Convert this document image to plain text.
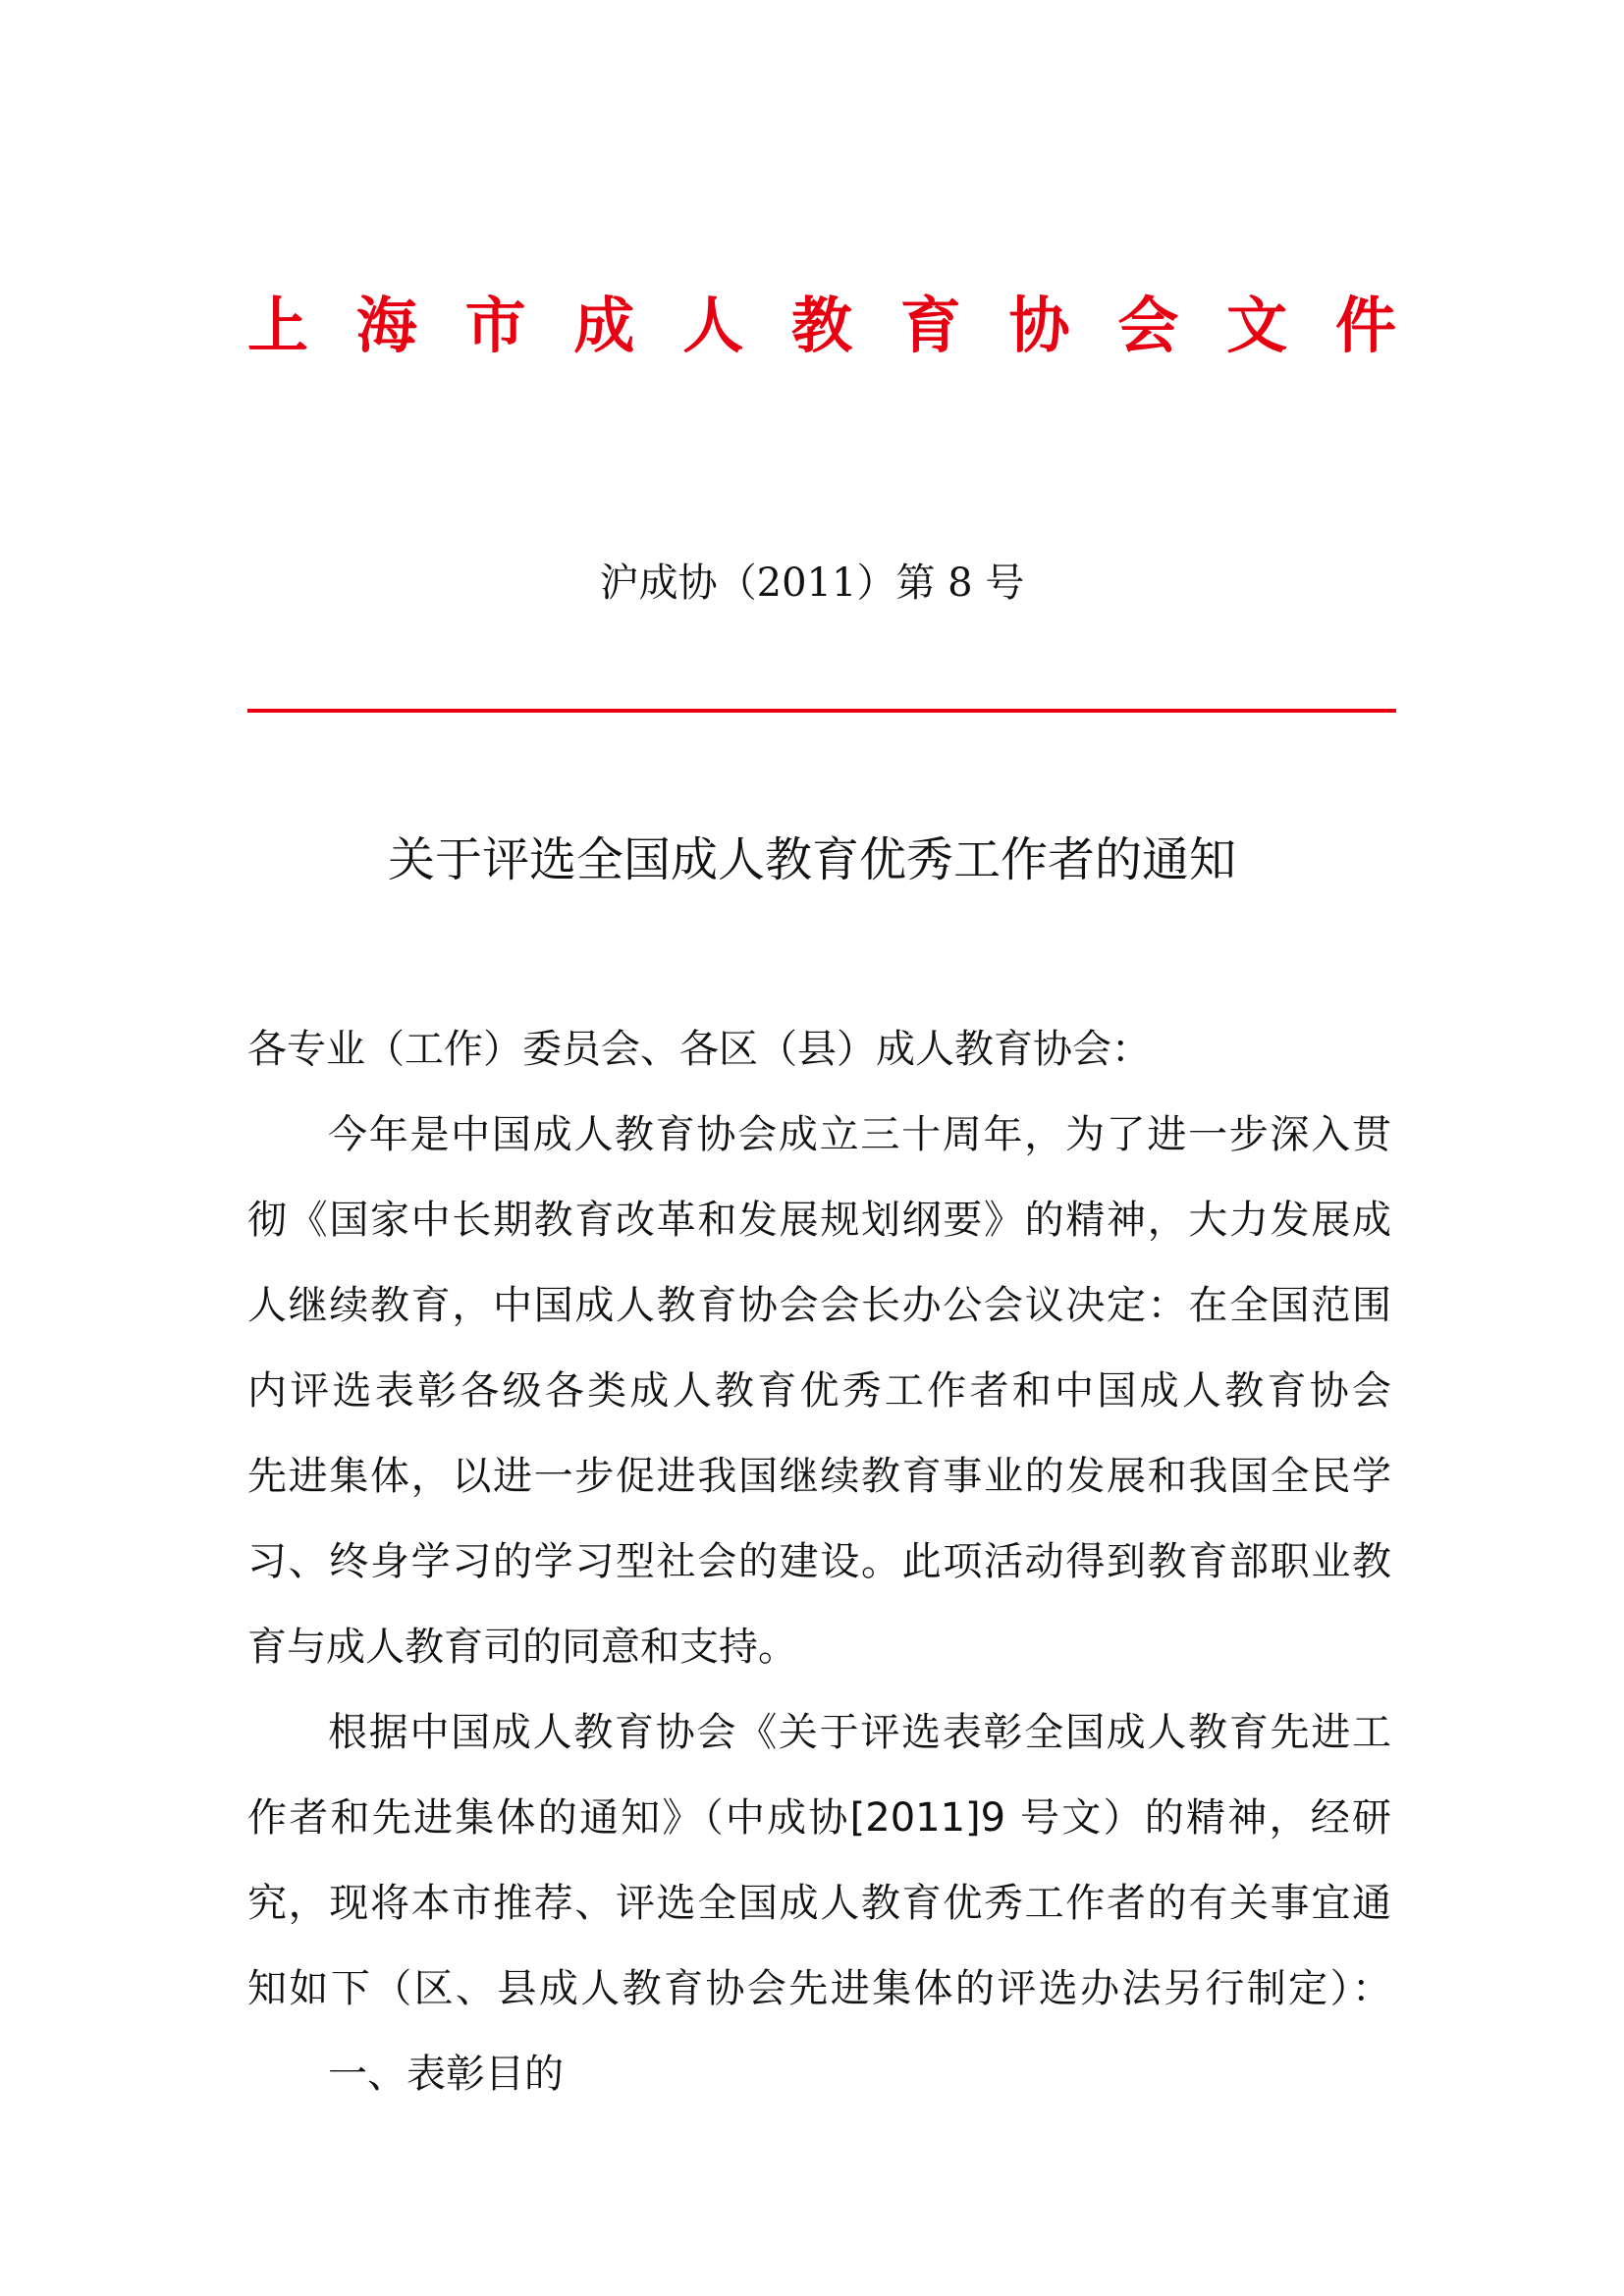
上 海 市 成 人 教 育 协 会 文 件
沪成协（2011）第 8 号
关于评选全国成人教育优秀工作者的通知
各专业（工作）委员会、各区（县）成人教育协会：
今年是中国成人教育协会成立三十周年，为了进一步深入贯
彻《国家中长期教育改革和发展规划纲要》的精神，大力发展成
人继续教育，中国成人教育协会会长办公会议决定：在全国范围
内评选表彰各级各类成人教育优秀工作者和中国成人教育协会
先进集体，以进一步促进我国继续教育事业的发展和我国全民学
习、终身学习的学习型社会的建设。此项活动得到教育部职业教
育与成人教育司的同意和支持。
根据中国成人教育协会《关于评选表彰全国成人教育先进工
作者和先进集体的通知》（中成协[2011]9 号文）的精神，经研
究，现将本市推荐、评选全国成人教育优秀工作者的有关事宜通
知如下（区、县成人教育协会先进集体的评选办法另行制定）：
一、表彰目的
